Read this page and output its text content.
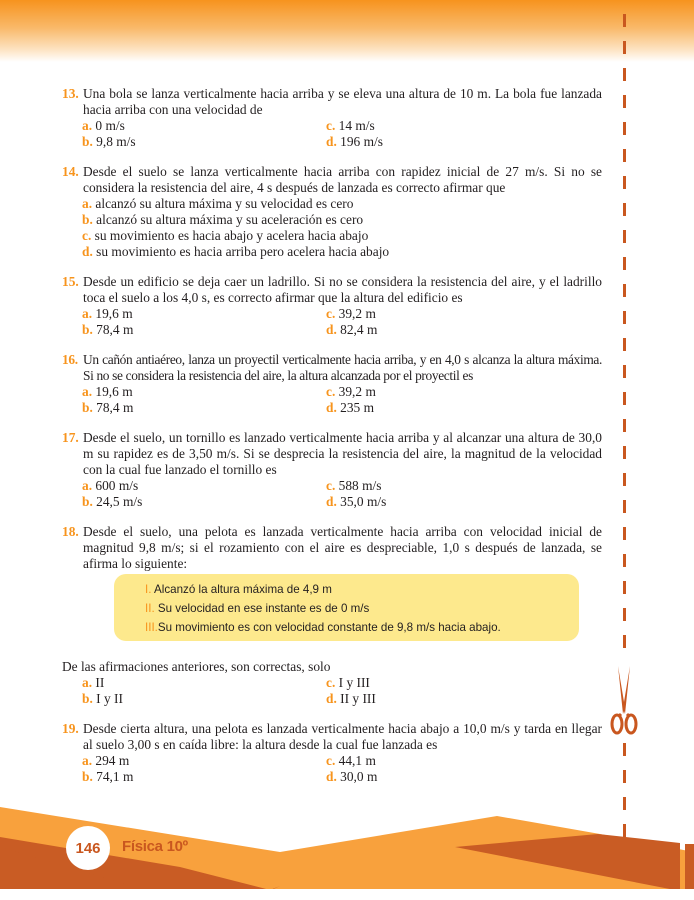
13. Una bola se lanza verticalmente hacia arriba y se eleva una altura de 10 m. La bola fue lanzada hacia arriba con una velocidad de
a. 0 m/s	c. 14 m/s
b. 9,8 m/s	d. 196 m/s
14. Desde el suelo se lanza verticalmente hacia arriba con rapidez inicial de 27 m/s. Si no se considera la resistencia del aire, 4 s después de lanzada es correcto afirmar que
a. alcanzó su altura máxima y su velocidad es cero
b. alcanzó su altura máxima y su aceleración es cero
c. su movimiento es hacia abajo y acelera hacia abajo
d. su movimiento es hacia arriba pero acelera hacia abajo
15. Desde un edificio se deja caer un ladrillo. Si no se considera la resistencia del aire, y el ladrillo toca el suelo a los 4,0 s, es correcto afirmar que la altura del edificio es
a. 19,6 m	c. 39,2 m
b. 78,4 m	d. 82,4 m
16. Un cañón antiaéreo, lanza un proyectil verticalmente hacia arriba, y en 4,0 s alcanza la altura máxima. Si no se considera la resistencia del aire, la altura alcanzada por el proyectil es
a. 19,6 m	c. 39,2 m
b. 78,4 m	d. 235 m
17. Desde el suelo, un tornillo es lanzado verticalmente hacia arriba y al alcanzar una altura de 30,0 m su rapidez es de 3,50 m/s. Si se desprecia la resistencia del aire, la magnitud de la velocidad con la cual fue lanzado el tornillo es
a. 600 m/s	c. 588 m/s
b. 24,5 m/s	d. 35,0 m/s
18. Desde el suelo, una pelota es lanzada verticalmente hacia arriba con velocidad inicial de magnitud 9,8 m/s; si el rozamiento con el aire es despreciable, 1,0 s después de lanzada, se afirma lo siguiente:
I. Alcanzó la altura máxima de 4,9 m
II. Su velocidad en ese instante es de 0 m/s
III.Su movimiento es con velocidad constante de 9,8 m/s hacia abajo.
De las afirmaciones anteriores, son correctas, solo
a. II	c. I y III
b. I y II	d. II y III
19. Desde cierta altura, una pelota es lanzada verticalmente hacia abajo a 10,0 m/s y tarda en llegar al suelo 3,00 s en caída libre: la altura desde la cual fue lanzada es
a. 294 m	c. 44,1 m
b. 74,1 m	d. 30,0 m
146 Física 10º
